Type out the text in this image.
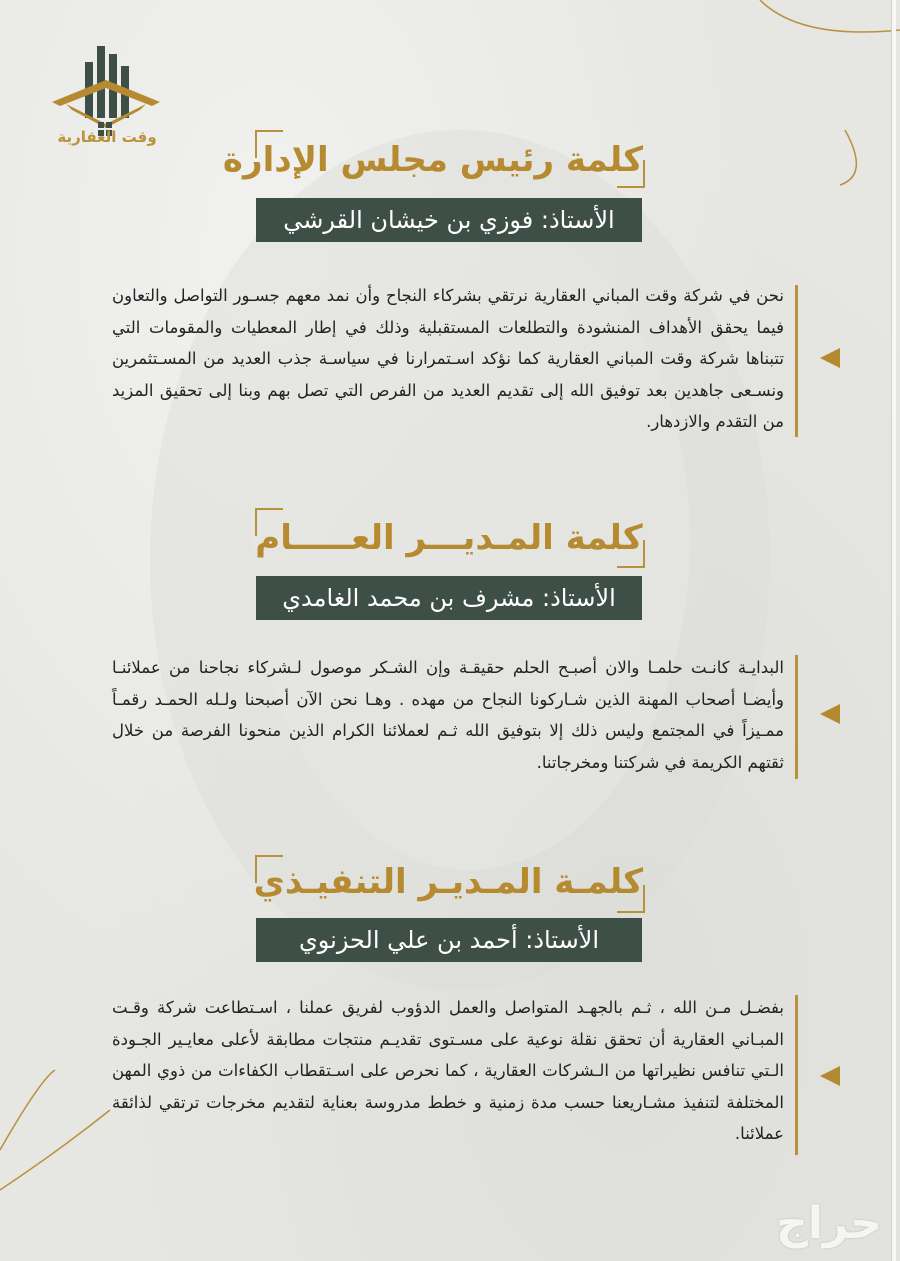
وقت العقارية
كلمة رئيس مجلس الإدارة
الأستاذ: فوزي بن خيشان القرشي
نحن في شركة وقت المباني العقارية نرتقي بشركاء النجاح وأن نمد معهم جسـور التواصل والتعاون فيما يحقق الأهداف المنشودة والتطلعات المستقبلية وذلك في إطار المعطيات والمقومات التي تتبناها شركة وقت المباني العقارية كما نؤكد اسـتمرارنا في سياسـة جذب العديد من المسـتثمرين ونسـعى جاهدين بعد توفيق الله إلى تقديم العديد من الفرص التي تصل بهم وبنا إلى تحقيق المزيد من التقدم والازدهار.
كلمة المـديـــر العـــــام
الأستاذ: مشرف بن محمد الغامدي
البدايـة كانـت حلمـا والان أصبـح الحلم حقيقـة وإن الشـكر موصول لـشركاء نجاحنا من عملائنـا وأيضـا أصحاب المهنة الذين شـاركونا النجاح من مهده . وهـا نحن الآن أصبحنا ولـله الحمـد رقمـاً ممـيزاً في المجتمع وليس ذلك إلا بتوفيق الله ثـم لعملائنا الكرام الذين منحونا الفرصة من خلال ثقتهم الكريمة في شركتنا ومخرجاتنا.
كلمـة المـديـر التنفيـذي
الأستاذ: أحمد بن علي الحزنوي
بفضـل مـن الله ، ثـم بالجهـد المتواصل والعمل الدؤوب لفريق عملنا ، اسـتطاعت شركة وقـت المبـاني العقارية أن تحقق نقلة نوعية على مسـتوى تقديـم منتجات مطابقة لأعلى معايـير الجـودة الـتي تنافس نظيراتها من الـشركات العقارية ، كما نحرص على اسـتقطاب الكفاءات من ذوي المهن المختلفة لتنفيذ مشـاريعنا حسب مدة زمنية و خطط مدروسة بعناية لتقديم مخرجات ترتقي لذائقة عملائنا.
حراج
